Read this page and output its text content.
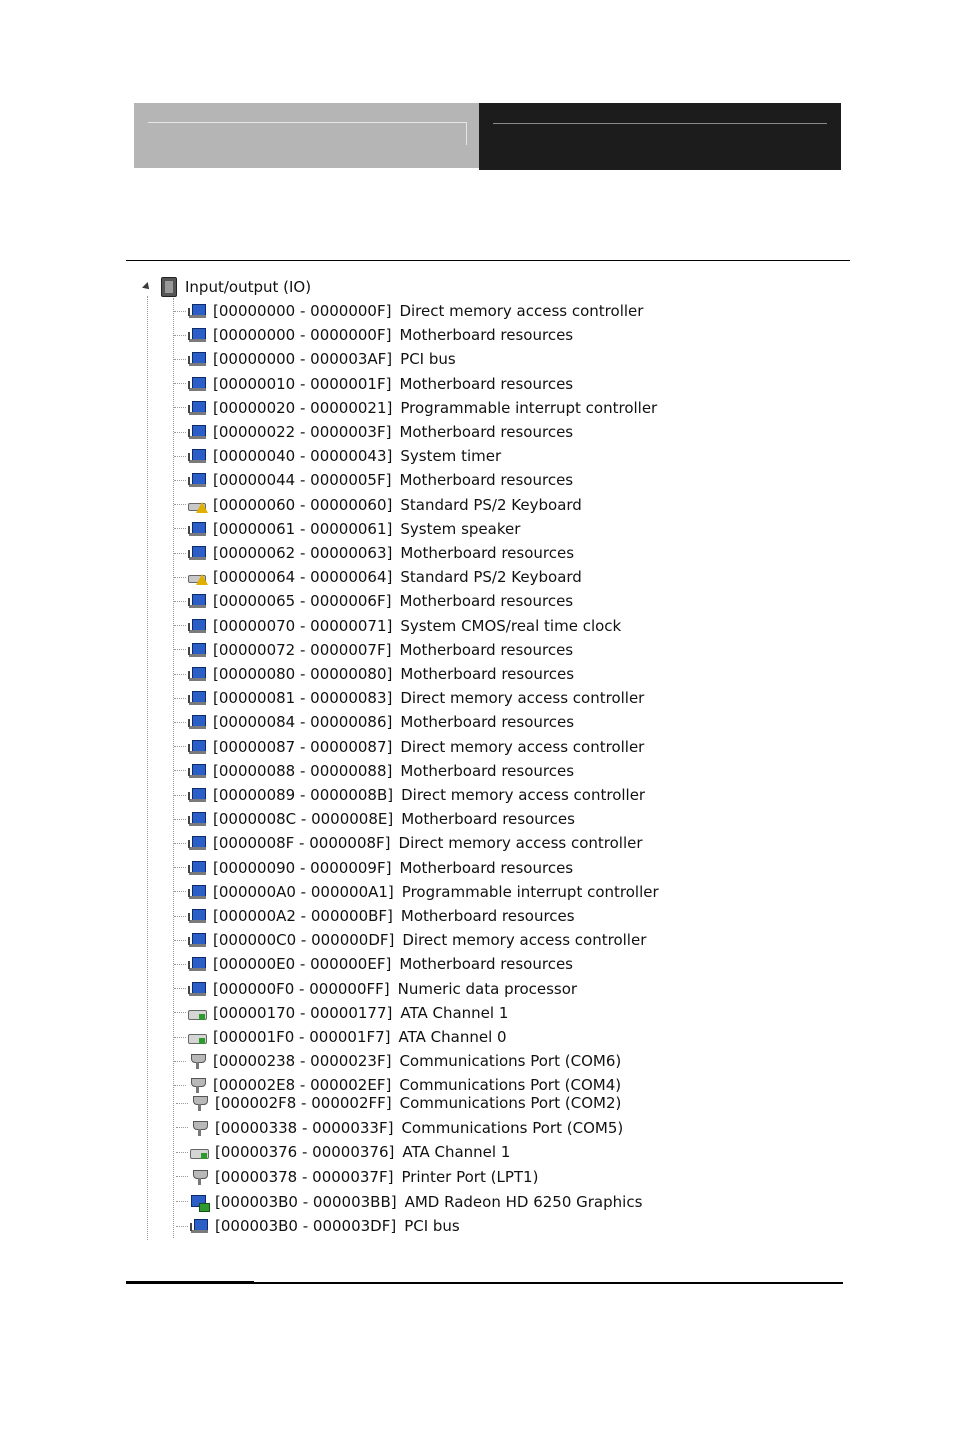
Input/output (IO)
[00000000 - 0000000F] Direct memory access controller
[00000000 - 0000000F] Motherboard resources
[00000000 - 000003AF] PCI bus
[00000010 - 0000001F] Motherboard resources
[00000020 - 00000021] Programmable interrupt controller
[00000022 - 0000003F] Motherboard resources
[00000040 - 00000043] System timer
[00000044 - 0000005F] Motherboard resources
[00000060 - 00000060] Standard PS/2 Keyboard
[00000061 - 00000061] System speaker
[00000062 - 00000063] Motherboard resources
[00000064 - 00000064] Standard PS/2 Keyboard
[00000065 - 0000006F] Motherboard resources
[00000070 - 00000071] System CMOS/real time clock
[00000072 - 0000007F] Motherboard resources
[00000080 - 00000080] Motherboard resources
[00000081 - 00000083] Direct memory access controller
[00000084 - 00000086] Motherboard resources
[00000087 - 00000087] Direct memory access controller
[00000088 - 00000088] Motherboard resources
[00000089 - 0000008B] Direct memory access controller
[0000008C - 0000008E] Motherboard resources
[0000008F - 0000008F] Direct memory access controller
[00000090 - 0000009F] Motherboard resources
[000000A0 - 000000A1] Programmable interrupt controller
[000000A2 - 000000BF] Motherboard resources
[000000C0 - 000000DF] Direct memory access controller
[000000E0 - 000000EF] Motherboard resources
[000000F0 - 000000FF] Numeric data processor
[00000170 - 00000177] ATA Channel 1
[000001F0 - 000001F7] ATA Channel 0
[00000238 - 0000023F] Communications Port (COM6)
[000002E8 - 000002EF] Communications Port (COM4)
[000002F8 - 000002FF] Communications Port (COM2)
[00000338 - 0000033F] Communications Port (COM5)
[00000376 - 00000376] ATA Channel 1
[00000378 - 0000037F] Printer Port (LPT1)
[000003B0 - 000003BB] AMD Radeon HD 6250 Graphics
[000003B0 - 000003DF] PCI bus
